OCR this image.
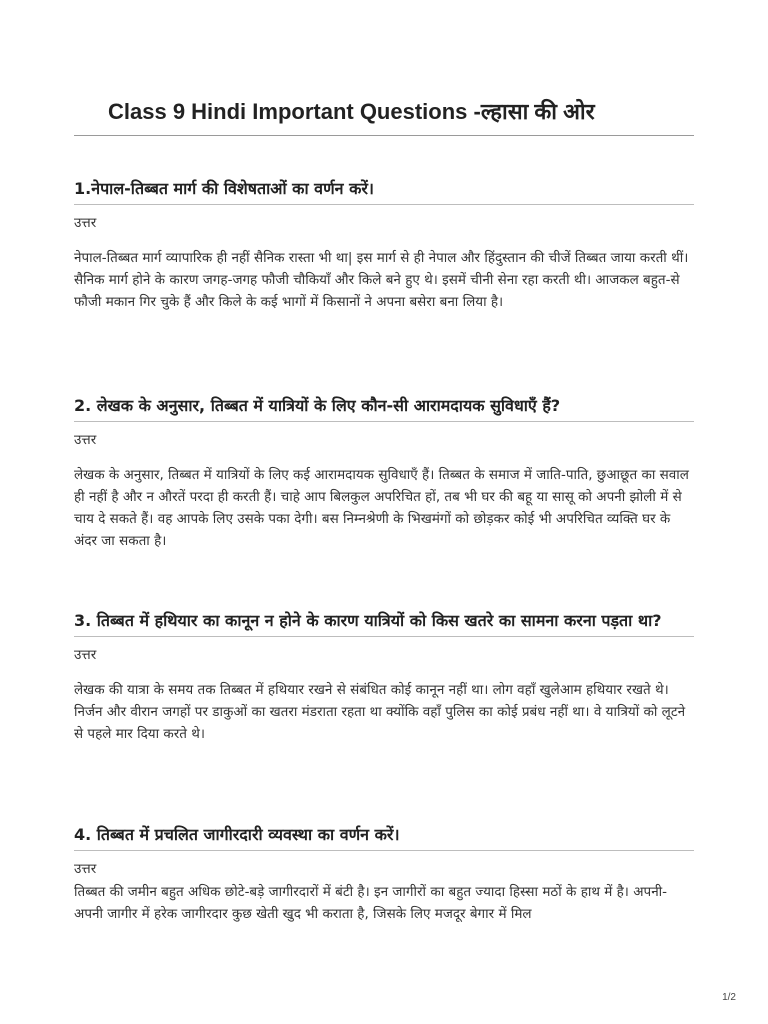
Class 9 Hindi Important Questions -ल्हासा की ओर
1.नेपाल-तिब्बत मार्ग की विशेषताओं का वर्णन करें।

उत्तर

नेपाल-तिब्बत मार्ग व्यापारिक ही नहीं सैनिक रास्ता भी था| इस मार्ग से ही नेपाल और हिंदुस्तान की चीजें तिब्बत जाया करती थीं। सैनिक मार्ग होने के कारण जगह-जगह फौजी चौकियाँ और किले बने हुए थे। इसमें चीनी सेना रहा करती थी। आजकल बहुत-से फौजी मकान गिर चुके हैं और किले के कई भागों में किसानों ने अपना बसेरा बना लिया है।

2. लेखक के अनुसार, तिब्बत में यात्रियों के लिए कौन-सी आरामदायक सुविधाएँ हैं?

उत्तर

लेखक के अनुसार, तिब्बत में यात्रियों के लिए कई आरामदायक सुविधाएँ हैं। तिब्बत के समाज में जाति-पाति, छुआछूत का सवाल ही नहीं है और न औरतें परदा ही करती हैं। चाहे आप बिलकुल अपरिचित हों, तब भी घर की बहू या सासू को अपनी झोली में से चाय दे सकते हैं। वह आपके लिए उसके पका देगी। बस निम्नश्रेणी के भिखमंगों को छोड़कर कोई भी अपरिचित व्यक्ति घर के अंदर जा सकता है।

3. तिब्बत में हथियार का कानून न होने के कारण यात्रियों को किस खतरे का सामना करना पड़ता था?

उत्तर

लेखक की यात्रा के समय तक तिब्बत में हथियार रखने से संबंधित कोई कानून नहीं था। लोग वहाँ खुलेआम हथियार रखते थे। निर्जन और वीरान जगहों पर डाकुओं का खतरा मंडराता रहता था क्योंकि वहाँ पुलिस का कोई प्रबंध नहीं था। वे यात्रियों को लूटने से पहले मार दिया करते थे।

4. तिब्बत में प्रचलित जागीरदारी व्यवस्था का वर्णन करें।

उत्तर

तिब्बत की जमीन बहुत अधिक छोटे-बड़े जागीरदारों में बंटी है। इन जागीरों का बहुत ज्यादा हिस्सा मठों के हाथ में है। अपनी- अपनी जागीर में हरेक जागीरदार कुछ खेती खुद भी कराता है, जिसके लिए मजदूर बेगार में मिल

1/2
